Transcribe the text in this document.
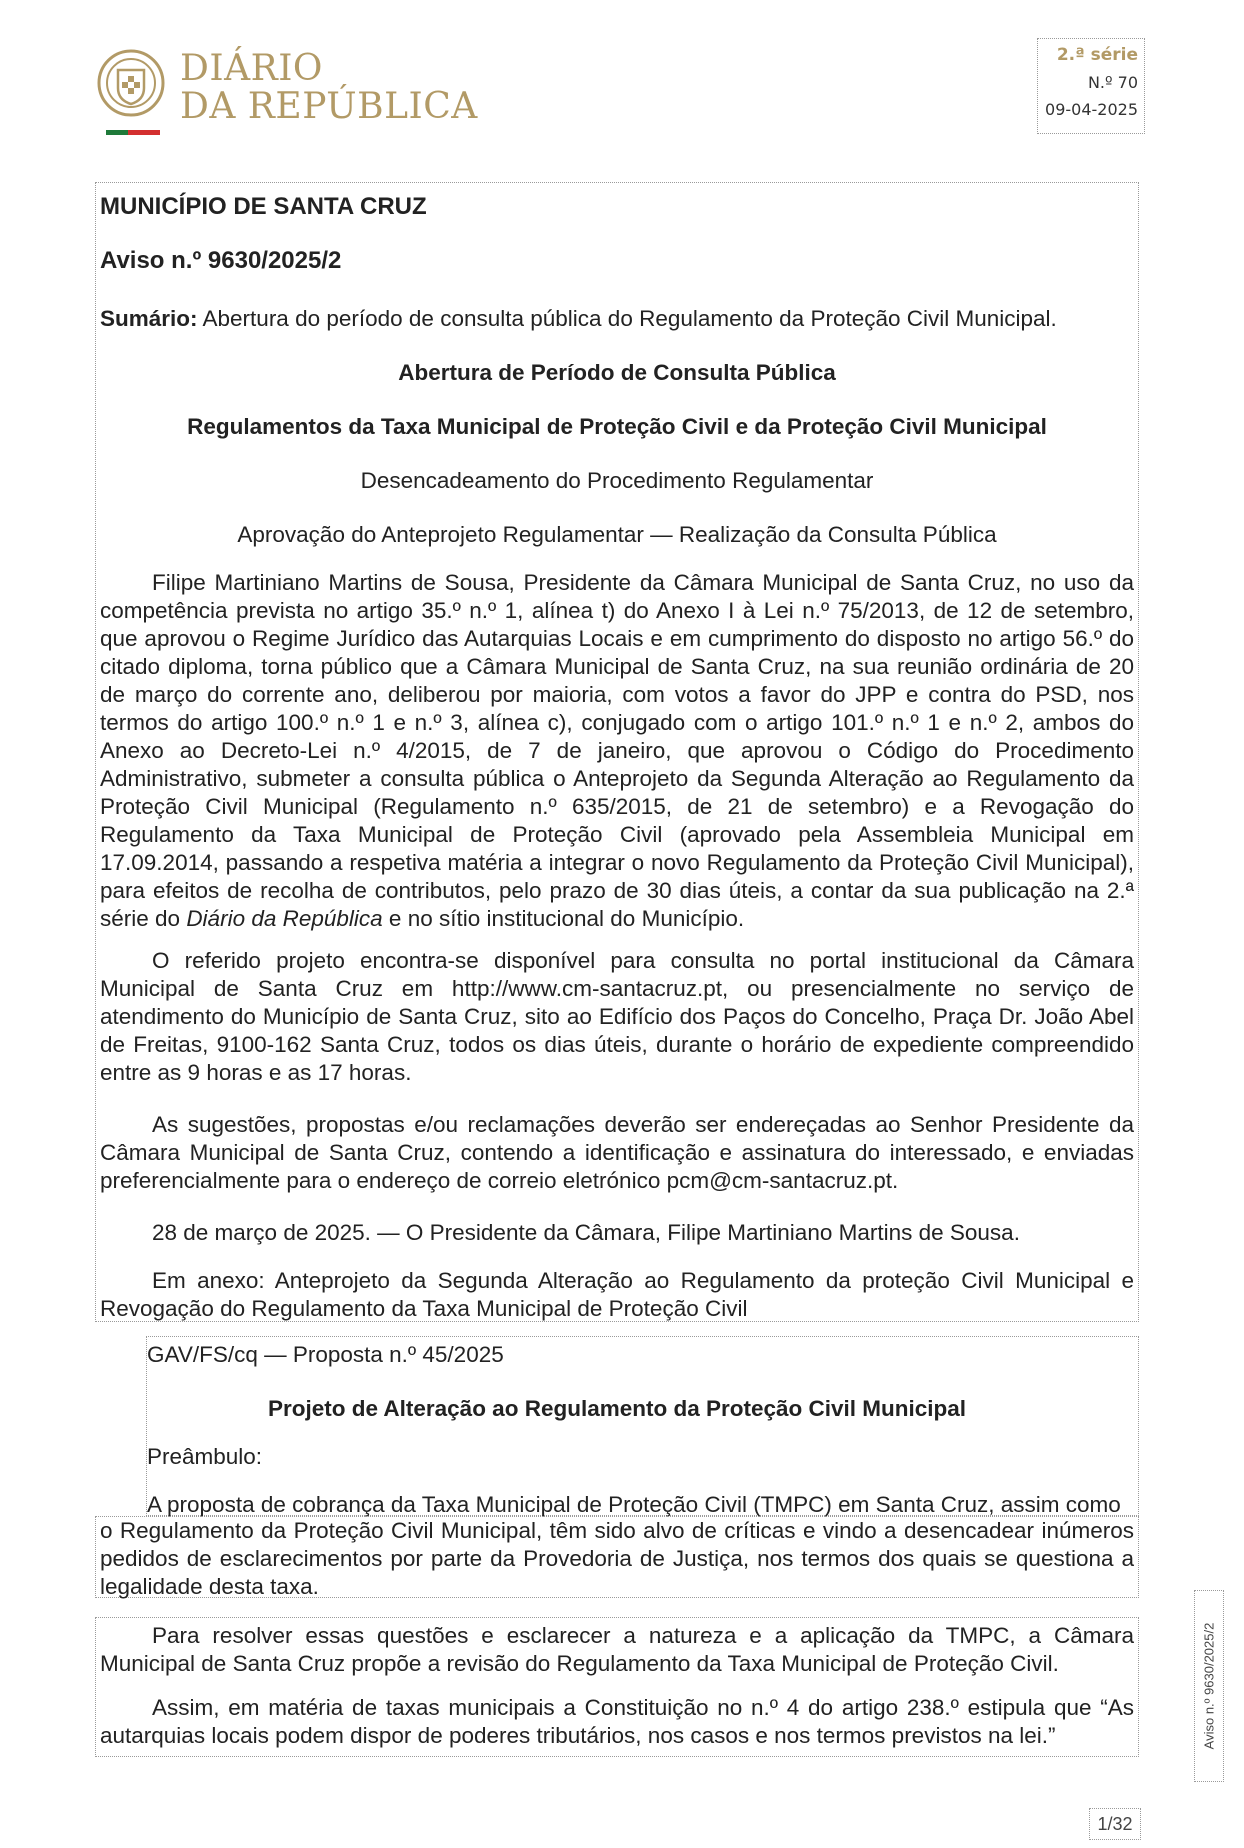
DIÁRIO
DA REPÚBLICA
2.ª série
N.º 70
09-04-2025
MUNICÍPIO DE SANTA CRUZ
Aviso n.º 9630/2025/2
Sumário: Abertura do período de consulta pública do Regulamento da Proteção Civil Municipal.
Abertura de Período de Consulta Pública
Regulamentos da Taxa Municipal de Proteção Civil e da Proteção Civil Municipal
Desencadeamento do Procedimento Regulamentar
Aprovação do Anteprojeto Regulamentar — Realização da Consulta Pública
Filipe Martiniano Martins de Sousa, Presidente da Câmara Municipal de Santa Cruz, no uso da competência prevista no artigo 35.º n.º 1, alínea t) do Anexo I à Lei n.º 75/2013, de 12 de setembro, que aprovou o Regime Jurídico das Autarquias Locais e em cumprimento do disposto no artigo 56.º do citado diploma, torna público que a Câmara Municipal de Santa Cruz, na sua reunião ordinária de 20 de março do corrente ano, deliberou por maioria, com votos a favor do JPP e contra do PSD, nos termos do artigo 100.º n.º 1 e n.º 3, alínea c), conjugado com o artigo 101.º n.º 1 e n.º 2, ambos do Anexo ao Decreto-Lei n.º 4/2015, de 7 de janeiro, que aprovou o Código do Procedimento Administrativo, submeter a consulta pública o Anteprojeto da Segunda Alteração ao Regulamento da Proteção Civil Municipal (Regulamento n.º 635/2015, de 21 de setembro) e a Revogação do Regulamento da Taxa Municipal de Proteção Civil (aprovado pela Assembleia Municipal em 17.09.2014, passando a respetiva matéria a integrar o novo Regulamento da Proteção Civil Municipal), para efeitos de recolha de contributos, pelo prazo de 30 dias úteis, a contar da sua publicação na 2.ª série do Diário da República e no sítio institucional do Município.
O referido projeto encontra-se disponível para consulta no portal institucional da Câmara Municipal de Santa Cruz em http://www.cm-santacruz.pt, ou presencialmente no serviço de atendimento do Município de Santa Cruz, sito ao Edifício dos Paços do Concelho, Praça Dr. João Abel de Freitas, 9100-162 Santa Cruz, todos os dias úteis, durante o horário de expediente compreendido entre as 9 horas e as 17 horas.
As sugestões, propostas e/ou reclamações deverão ser endereçadas ao Senhor Presidente da Câmara Municipal de Santa Cruz, contendo a identificação e assinatura do interessado, e enviadas preferencialmente para o endereço de correio eletrónico pcm@cm-santacruz.pt.
28 de março de 2025. — O Presidente da Câmara, Filipe Martiniano Martins de Sousa.
Em anexo: Anteprojeto da Segunda Alteração ao Regulamento da proteção Civil Municipal e Revogação do Regulamento da Taxa Municipal de Proteção Civil
GAV/FS/cq — Proposta n.º 45/2025
Projeto de Alteração ao Regulamento da Proteção Civil Municipal
Preâmbulo:
A proposta de cobrança da Taxa Municipal de Proteção Civil (TMPC) em Santa Cruz, assim como
o Regulamento da Proteção Civil Municipal, têm sido alvo de críticas e vindo a desencadear inúmeros pedidos de esclarecimentos por parte da Provedoria de Justiça, nos termos dos quais se questiona a legalidade desta taxa.
Para resolver essas questões e esclarecer a natureza e a aplicação da TMPC, a Câmara Municipal de Santa Cruz propõe a revisão do Regulamento da Taxa Municipal de Proteção Civil.
Assim, em matéria de taxas municipais a Constituição no n.º 4 do artigo 238.º estipula que “As autarquias locais podem dispor de poderes tributários, nos casos e nos termos previstos na lei.”	Aviso n.º 9630/2025/2
1/32
